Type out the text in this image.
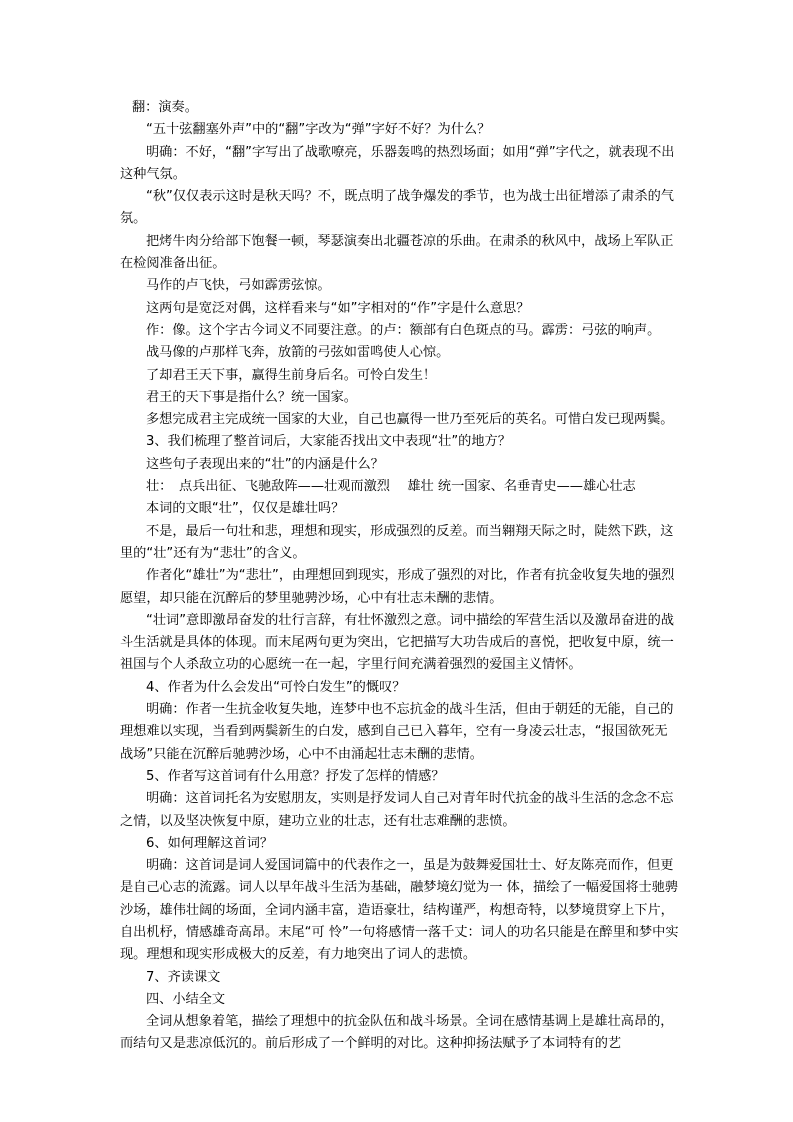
翻：演奏。

“五十弦翻塞外声”中的“翻”字改为“弹”字好不好？为什么？

明确：不好，“翻”字写出了战歌嘹亮，乐器轰鸣的热烈场面；如用“弹”字代之，就表现不出这种气氛。

“秋”仅仅表示这时是秋天吗？不，既点明了战争爆发的季节，也为战士出征增添了肃杀的气氛。

把烤牛肉分给部下饱餐一顿，琴瑟演奏出北疆苍凉的乐曲。在肃杀的秋风中，战场上军队正在检阅准备出征。

马作的卢飞快，弓如霹雳弦惊。

这两句是宽泛对偶，这样看来与“如”字相对的“作”字是什么意思？

作：像。这个字古今词义不同要注意。的卢：额部有白色斑点的马。霹雳：弓弦的响声。

战马像的卢那样飞奔，放箭的弓弦如雷鸣使人心惊。

了却君王天下事，赢得生前身后名。可怜白发生！

君王的天下事是指什么？统一国家。

多想完成君主完成统一国家的大业，自己也赢得一世乃至死后的英名。可惜白发已现两鬓。

3、我们梳理了整首词后，大家能否找出文中表现“壮”的地方？

这些句子表现出来的“壮”的内涵是什么？

壮：　点兵出征、飞驰敌阵——壮观而激烈　 雄壮 统一国家、名垂青史——雄心壮志

本词的文眼“壮”，仅仅是雄壮吗？

不是，最后一句壮和悲，理想和现实，形成强烈的反差。而当翱翔天际之时，陡然下跌，这里的“壮”还有为“悲壮”的含义。

作者化“雄壮”为“悲壮”，由理想回到现实，形成了强烈的对比，作者有抗金收复失地的强烈愿望，却只能在沉醉后的梦里驰骋沙场，心中有壮志未酬的悲情。

“壮词”意即激昂奋发的壮行言辞，有壮怀激烈之意。词中描绘的军营生活以及激昂奋进的战斗生活就是具体的体现。而末尾两句更为突出，它把描写大功告成后的喜悦，把收复中原，统一祖国与个人杀敌立功的心愿统一在一起，字里行间充满着强烈的爱国主义情怀。

4、作者为什么会发出“可怜白发生”的慨叹？

明确：作者一生抗金收复失地，连梦中也不忘抗金的战斗生活，但由于朝廷的无能，自己的理想难以实现，当看到两鬓新生的白发，感到自己已入暮年，空有一身凌云壮志，“报国欲死无战场”只能在沉醉后驰骋沙场，心中不由涌起壮志未酬的悲情。

5、作者写这首词有什么用意？抒发了怎样的情感？

明确：这首词托名为安慰朋友，实则是抒发词人自己对青年时代抗金的战斗生活的念念不忘之情，以及坚决恢复中原，建功立业的壮志，还有壮志难酬的悲愤。

6、如何理解这首词？

明确：这首词是词人爱国词篇中的代表作之一，虽是为鼓舞爱国壮士、好友陈亮而作，但更是自己心志的流露。词人以早年战斗生活为基础，融梦境幻觉为一 体，描绘了一幅爱国将士驰骋沙场，雄伟壮阔的场面，全词内涵丰富，造语豪壮，结构谨严，构想奇特，以梦境贯穿上下片，自出机杼，情感雄奇高昂。末尾“可 怜”一句将感情一落千丈：词人的功名只能是在醉里和梦中实现。理想和现实形成极大的反差，有力地突出了词人的悲愤。

7、齐读课文

四、小结全文

全词从想象着笔，描绘了理想中的抗金队伍和战斗场景。全词在感情基调上是雄壮高昂的，而结句又是悲凉低沉的。前后形成了一个鲜明的对比。这种抑扬法赋予了本词特有的艺
